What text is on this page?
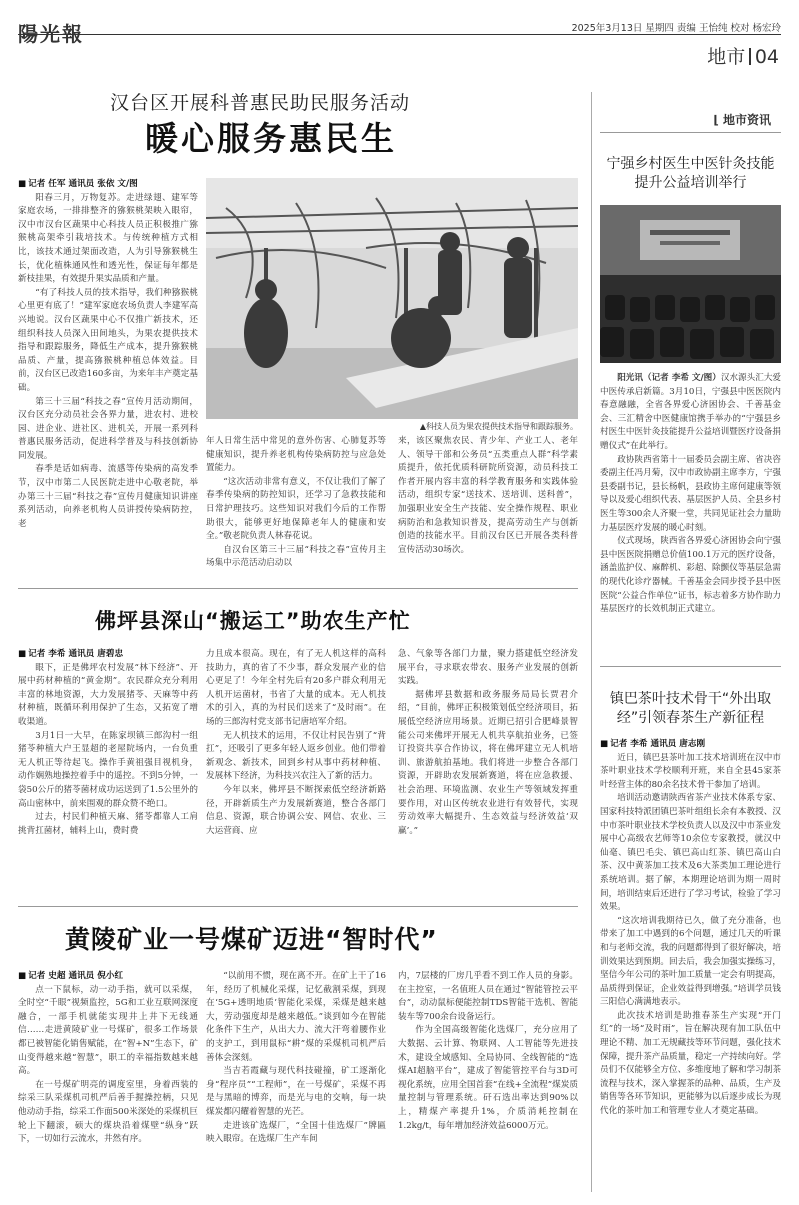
陽光報	2025年3月13日 星期四 责编 王怡纯 校对 杨宏玲
地市 04
汉台区开展科普惠民助民服务活动
暖心服务惠民生
■ 记者 任军 通讯员 张依 文/图

阳春三月，万物复苏。走进绿翅、建军等家庭农场，一排排整齐的猕猴桃架映入眼帘，汉中市汉台区蔬果中心科技人员正积极推广猕猴桃高架牵引栽培技术。与传统种植方式相比，该技术通过架面改造，人为引导猕猴桃生长，优化植株通风性和透光性，保证每年都是新枝挂果，有效提升果实品质和产量。

“有了科技人员的技术指导，我们种猕猴桃心里更有底了！”建军家庭农场负责人李建军高兴地说。汉台区蔬果中心不仅推广新技术，还组织科技人员深入田间地头，为果农提供技术指导和跟踪服务，降低生产成本，提升猕猴桃品质、产量，提高猕猴桃种植总体效益。目前，汉台区已改造160多亩，为来年丰产奠定基础。

第三十三届“科技之春”宣传月活动期间，汉台区充分动员社会各界力量，进农村、进校园、进企业、进社区、进机关，开展一系列科普惠民服务活动，促进科学普及与科技创新协同发展。

春季是话如病毒、流感等传染病的高发季节，汉中市第二人民医院走进中心敬老院，举办第三十三届“科技之春”宣传月健康知识讲座系列活动，向养老机构人员讲授传染病防控，老

▲科技人员为果农提供技术指导和跟踪服务。

年人日常生活中常见的意外伤害、心肺复苏等健康知识，提升养老机构传染病防控与应急处置能力。

“这次活动非常有意义，不仅让我们了解了春季传染病的防控知识，还学习了急救技能和日常护理技巧。这些知识对我们今后的工作帮助很大，能够更好地保障老年人的健康和安全。”敬老院负责人林春花说。

自汉台区第三十三届“科技之春”宣传月主场集中示范活动启动以

来，该区聚焦农民、青少年、产业工人、老年人、领导干部和公务员“五类重点人群”科学素质提升，依托优质科研院所资源，动员科技工作者开展内容丰富的科学教育服务和实践体验活动，组织专家“送技术、送培训、送科普”，加强职业安全生产技能、安全操作规程、职业病防治和急救知识普及，提高劳动生产与创新创造的技能水平。目前汉台区已开展各类科普宣传活动30场次。

⌊ 地市资讯
宁强乡村医生中医针灸技能提升公益培训举行

阳光讯（记者 李希 文/图）汉水源头汇大爱 中医传承启新篇。3月10日，宁强县中医医院内春意融融，全省各界爱心济困协会、千善基金会、三汇精舍中医健康馆携手举办的“宁强县乡村医生中医针灸技能提升公益培训暨医疗设备捐赠仪式”在此举行。

政协陕西省第十一届委员会副主席、省决咨委副主任冯月菊，汉中市政协副主席李方，宁强县委副书记，县长杨帆，县政协主席何建康等领导以及爱心组织代表、基层医护人员、全县乡村医生等300余人齐聚一堂，共同见证社会力量助力基层医疗发展的暖心时刻。

仪式现场，陕西省各界爱心济困协会向宁强县中医医院捐赠总价值100.1万元的医疗设备，涵盖监护仪、麻醉机、彩超、除颤仪等基层急需的现代化诊疗器械。千善基金会同步授予县中医医院“公益合作单位”证书，标志着多方协作助力基层医疗的长效机制正式建立。

镇巴茶叶技术骨干“外出取经”引领春茶生产新征程
■ 记者 李希 通讯员 唐志刚

近日，镇巴县茶叶加工技术培训班在汉中市茶叶职业技术学校顺利开班，来自全县45家茶叶经营主体的80余名技术骨干参加了培训。

培训活动邀请陕西省茶产业技术体系专家、国家科技特派团镇巴茶叶组组长余有本教授、汉中市茶叶职业技术学校负责人以及汉中市茶业发展中心高级农艺师等10余位专家教授，就汉中仙毫、镇巴毛尖、镇巴高山红茶、镇巴高山白茶、汉中黄茶加工技术及6大茶类加工理论进行系统培训。据了解，本期理论培训为期一周时间，培训结束后还进行了学习考试，检验了学习效果。

“这次培训我期待已久，做了充分准备，也带来了加工中遇到的6个问题，通过几天的听课和与老师交流，我的问题都得到了很好解决，培训效果达到预期。回去后，我会加强实操练习，坚信今年公司的茶叶加工质量一定会有明提高，品质得到保证，企业效益得到增强。”培训学员钱三阳信心满满地表示。

此次技术培训是助推春茶生产实现“开门红”的一场“及时雨”，旨在解决现有加工队伍中理论不精、加工无规藏技等环节问题，强化技术保障，提升茶产品质量，稳定一产持续向好。学员们不仅能够全方位、多维度地了解和学习制茶流程与技术，深入掌握茶的品种、品质，生产及销售等各环节知识，更能够为以后逐步成长为现代化的茶叶加工和管理专业人才奠定基础。

佛坪县深山“搬运工”助农生产忙
■ 记者 李希 通讯员 唐碧忠

眼下，正是佛坪农村发展“林下经济”、开展中药材种植的“黄金期”。农民群众充分利用丰富的林地资源，大力发展猪苓、天麻等中药材种植，既循环利用保护了生态，又拓宽了增收渠道。

3月1日一大早，在陈家坝镇三郎沟村一组猪苓种植大户王显超的老屋院场内，一台负重无人机正等待起飞。操作手黄祖强目视机身，动作娴熟地操控着手中的遥控。不到5分钟，一袋50公斤的猪苓菌材成功运送到了1.5公里外的高山密林中，前来围观的群众赞不绝口。

过去，村民们种植天麻、猪苓都靠人工肩挑背扛菌材，辅料上山，费时费

力且成本很高。现在，有了无人机这样的高科技助力，真的省了不少事，群众发展产业的信心更足了！今年全村先后有20多户群众利用无人机开运菌材，书省了大量的成本。无人机技术的引入，真的为村民们送来了“及时雨”。在场的三郎沟村党支部书记唐培军介绍。

无人机技术的运用，不仅让村民告别了“背扛”，还吸引了更多年轻人返乡创业。他们带着新观念、新技术，回到乡村从事中药材种植、发展林下经济，为科技兴农注入了新的活力。

今年以来，佛坪县不断探索低空经济新路径，开辟新质生产力发展新赛道，整合各部门信息、资源，联合协调公安、网信、农业、三大运营商、应

急、气象等各部门力量，聚力搭建低空经济发展平台，寻求联农带农、服务产业发展的创新实践。

据佛坪县数据和政务服务局局长贾君介绍，“目前，佛坪正积极策划低空经济项目，拓展低空经济应用场景。近期已招引合肥峰景智能公司来佛坪开展无人机共享航拍业务，已签订投资共享合作协议，将在佛坪建立无人机培训、旅游航拍基地。我们将进一步整合各部门资源，开辟助农发展新赛道，将在应急救援、社会治理、环境监测、农业生产等领域发挥重要作用，对山区传统农业进行有效替代，实现劳动效率大幅提升、生态效益与经济效益‘双赢’。”

黄陵矿业一号煤矿迈进“智时代”
■ 记者 史超 通讯员 倪小红

点一下鼠标，动一动手指，就可以采煤，全时空“千眼”视频监控，5G和工业互联网深度融合，一部手机就能实现井上井下无线通信……走进黄陵矿业一号煤矿，很多工作场景都已被智能化销售赋能，在“智+N”生态下，矿山变得越来越“智慧”，职工的幸福指数越来越高。

在一号煤矿明亮的调度室里，身着西装的综采三队采煤机司机严后善手握操控柄，只见他动动手指，综采工作面500米深处的采煤机巨轮上下翻滚，硕大的煤块沿着煤壁“纵身”跃下，一切如行云流水，井然有序。

“以前用不惯，现在离不开。在矿上干了16年，经历了机械化采煤，记忆截割采煤，到现在‘5G+透明地质’智能化采煤，采煤是越来越大，劳动强度却是越来越低。”谈到如今在智能化条件下生产，从出大力、流大汗弯着腰作业的支护工，到用鼠标“耕”煤的采煤机司机严后善体会深刻。

当吉若霞藏与现代科技碰撞，矿工逐渐化身“程序员”“工程师”，在一号煤矿，采煤不再是与黑暗的博弈，而是光与电的交响，每一块煤炭都闪耀着智慧的光芒。

走进该矿选煤厂，“全国十佳选煤厂”牌匾映入眼帘。在选煤厂生产车间

内，7层楼的厂房几乎看不到工作人员的身影。在主控室，一名值班人员在通过“智能管控云平台”，动动鼠标便能控制TDS智能干选机、智能装车等700余台设备运行。

作为全国高级智能化选煤厂，充分应用了大数据、云计算、物联网、人工智能等先进技术，建设全域感知、全局协同、全线智能的“选煤AI超脑平台”，建成了智能管控平台与3D可视化系统，应用全国首套“在线+全流程”煤炭质量控制与管理系统。矸石选出率达到90%以上，精煤产率提升1%，介质消耗控制在1.2kg/t，每年增加经济效益6000万元。
